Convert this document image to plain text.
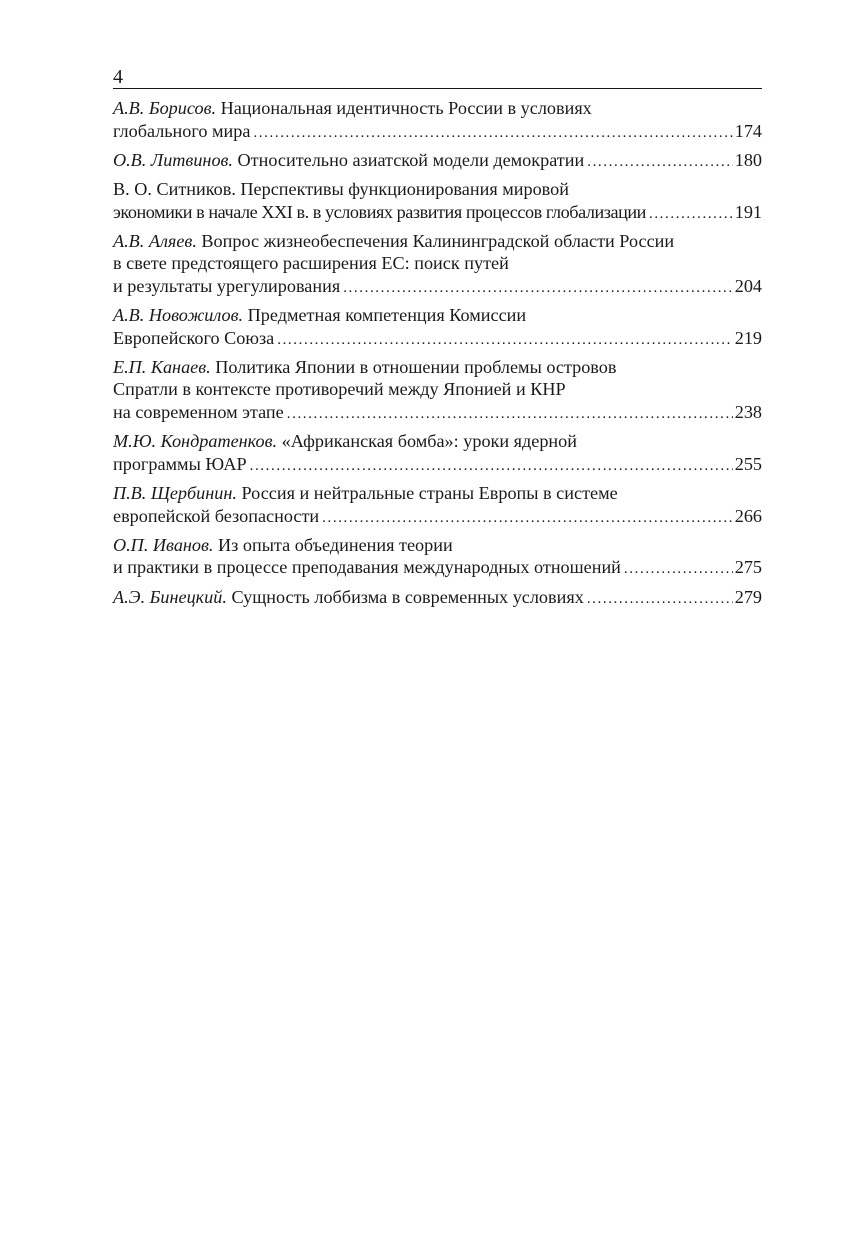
4
А.В. Борисов. Национальная идентичность России в условиях
глобального мира .....	174
О.В. Литвинов. Относительно азиатской модели демократии .....	180
В. О. Ситников. Перспективы функционирования мировой
экономики в начале XXI в. в условиях развития процессов глобализации .....	191
А.В. Аляев. Вопрос жизнеобеспечения Калининградской области России
в свете предстоящего расширения ЕС: поиск путей
и результаты урегулирования .....	204
А.В. Новожилов. Предметная компетенция Комиссии
Европейского Союза .....	219
Е.П. Канаев. Политика Японии в отношении проблемы островов
Спратли в контексте противоречий между Японией и КНР
на современном этапе .....	238
М.Ю. Кондратенков. «Африканская бомба»: уроки ядерной
программы ЮАР .....	255
П.В. Щербинин. Россия и нейтральные страны Европы в системе
европейской безопасности .....	266
О.П. Иванов. Из опыта объединения теории
и практики в процессе преподавания международных отношений .....	275
А.Э. Бинецкий. Сущность лоббизма в современных условиях .....	279
